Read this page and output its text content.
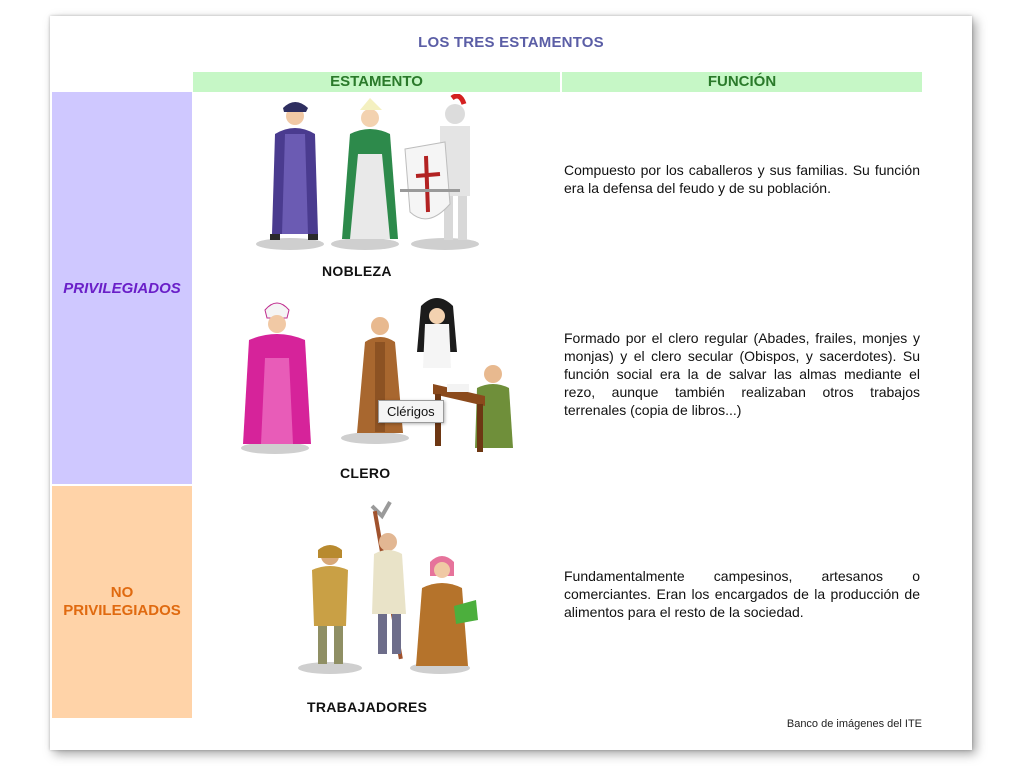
LOS TRES ESTAMENTOS
ESTAMENTO	FUNCIÓN
PRIVILEGIADOS
NO
PRIVILEGIADOS
NOBLEZA
Compuesto por los caballeros y sus familias. Su función era la defensa del feudo y de su población.
Clérigos
CLERO
Formado por el clero regular (Abades, frailes, monjes y monjas) y el clero secular (Obispos, y sacerdotes). Su función social era la de salvar las almas mediante el rezo, aunque también realizaban otros trabajos terrenales (copia de libros...)
TRABAJADORES
Fundamentalmente campesinos, artesanos o comerciantes. Eran los encargados de la producción de alimentos para el resto de la sociedad.
Banco de imágenes del ITE
